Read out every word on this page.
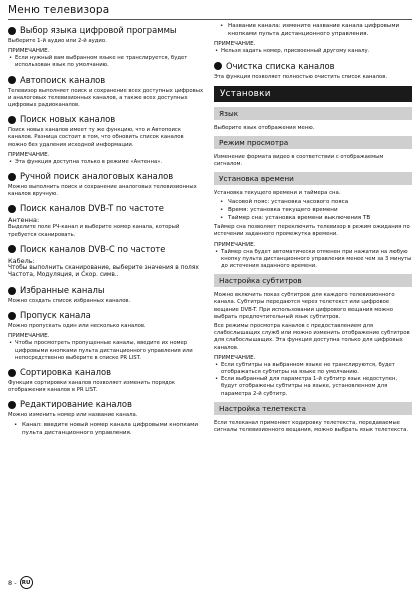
Меню телевизора
Выбор языка цифровой программы
Выберите 1-й аудио или 2-й аудио.
ПРИМЕЧАНИЕ.
• Если нужный вам выбранном языке не транслируется, будет использован язык по умолчанию.
Автопоиск каналов
Телевизор выполняет поиск и сохранение всех доступных цифровых и аналоговых телевизионных каналов, а также всех доступных цифровых радиоканалов.
Поиск новых каналов
Поиск новых каналов имеет ту же функцию, что и Автопоиск каналов. Разница состоит в том, что обновить список каналов можно без удаления исходной информации.
ПРИМЕЧАНИЕ.
• Эта функция доступна только в режиме «Антенна».
Ручной поиск аналоговых каналов
Можно выполнить поиск и сохранение аналоговых телевизионных каналов вручную.
Поиск каналов DVB-T по частоте
Антенна:
Выделите поле РЧ-канал и выберите номер канала, который требуется сканировать.
Поиск каналов DVB-C по частоте
Кабель:
Чтобы выполнить сканирование, выберите значения в полях Частота, Модуляция, и Скор. симв..
Избранные каналы
Можно создать список избранных каналов.
Пропуск канала
Можно пропускать один или несколько каналов.
ПРИМЕЧАНИЕ.
• Чтобы просмотреть пропущенные каналы, введите их номер цифровыми кнопками пульта дистанционного управления или непосредственно выберите в списке PR LIST.
Сортировка каналов
Функция сортировки каналов позволяет изменить порядок отображения каналов в PR LIST.
Редактирование каналов
Можно изменить номер или название канала.
• Канал: введите новый номер канала цифровыми кнопками пульта дистанционного управления.
• Название канала: измените название канала цифровыми кнопками пульта дистанционного управления.
ПРИМЕЧАНИЕ.
• Нельзя задать номер, присвоенный другому каналу.
Очистка списка каналов
Эта функция позволяет полностью очистить список каналов.
Установки
Язык
Выберите язык отображения меню.
Режим просмотра
Изменение формата видео в соответствии с отображаемым сигналом.
Установка времени
Установка текущего времени и таймера сна.
• Часовой пояс: установка часового пояса
• Время: установка текущего времени
• Таймер сна: установка времени выключения ТВ
Таймер сна позволяет переключить телевизор в режим ожидания по истечении заданного промежутка времени.
ПРИМЕЧАНИЕ.
• Таймер сна будет автоматически отменен при нажатии на любую кнопку пульта дистанционного управления менее чем за 3 минуты до истечения заданного времени.
Настройка субтитров
Можно включить показ субтитров для каждого телевизионного канала. Субтитры передаются через телетекст или цифровое вещание DVB-T. При использовании цифрового вещания можно выбрать предпочтительный язык субтитров.
Все режимы просмотра каналов с предоставлением для слабослышащих служб или можно изменить отображение субтитров для слабослышащих. Эта функция доступна только для цифровых каналов.
ПРИМЕЧАНИЕ.
• Если субтитры на выбранном языке не транслируются, будет отображаться субтитры на языке по умолчанию.
• Если выбранный для параметра 1-й субтитр язык недоступен, будут отображены субтитры на языке, установленном для параметра 2-й субтитр.
Настройка телетекста
Если телеканал применяет кодировку телетекста, передаваемые сигналы телевизионного вещания, можно выбрать язык телетекста.
8 - RU
